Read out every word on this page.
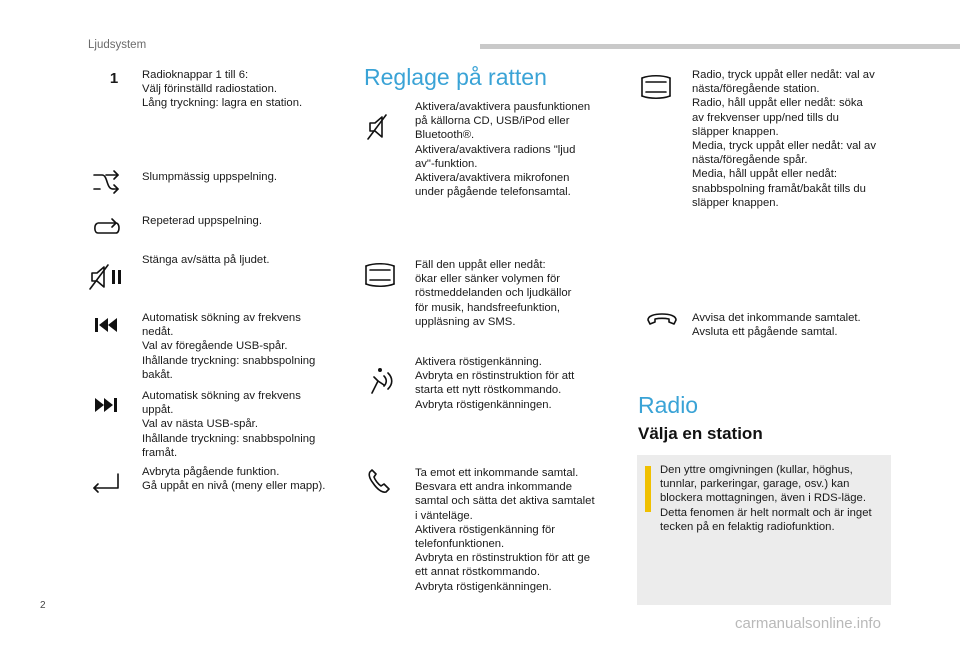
Ljudsystem
1	Radioknappar 1 till 6:
Välj förinställd radiostation.
Lång tryckning: lagra en station.
Slumpmässig uppspelning.
Repeterad uppspelning.
Stänga av/sätta på ljudet.
Automatisk sökning av frekvens
nedåt.
Val av föregående USB-spår.
Ihållande tryckning: snabbspolning
bakåt.
Automatisk sökning av frekvens
uppåt.
Val av nästa USB-spår.
Ihållande tryckning: snabbspolning
framåt.
Avbryta pågående funktion.
Gå uppåt en nivå (meny eller mapp).
Reglage på ratten
Aktivera/avaktivera pausfunktionen
på källorna CD, USB/iPod eller
Bluetooth®.
Aktivera/avaktivera radions "ljud
av"-funktion.
Aktivera/avaktivera mikrofonen
under pågående telefonsamtal.
Fäll den uppåt eller nedåt:
ökar eller sänker volymen för
röstmeddelanden och ljudkällor
för musik, handsfreefunktion,
uppläsning av SMS.
Aktivera röstigenkänning.
Avbryta en röstinstruktion för att
starta ett nytt röstkommando.
Avbryta röstigenkänningen.
Ta emot ett inkommande samtal.
Besvara ett andra inkommande
samtal och sätta det aktiva samtalet
i vänteläge.
Aktivera röstigenkänning för
telefonfunktionen.
Avbryta en röstinstruktion för att ge
ett annat röstkommando.
Avbryta röstigenkänningen.
Radio, tryck uppåt eller nedåt: val av
nästa/föregående station.
Radio, håll uppåt eller nedåt: söka
av frekvenser upp/ned tills du
släpper knappen.
Media, tryck uppåt eller nedåt: val av
nästa/föregående spår.
Media, håll uppåt eller nedåt:
snabbspolning framåt/bakåt tills du
släpper knappen.
Avvisa det inkommande samtalet.
Avsluta ett pågående samtal.
Radio
Välja en station
Den yttre omgivningen (kullar, höghus,
tunnlar, parkeringar, garage, osv.) kan
blockera mottagningen, även i RDS-läge.
Detta fenomen är helt normalt och är inget
tecken på en felaktig radiofunktion.
2
carmanualsonline.info
